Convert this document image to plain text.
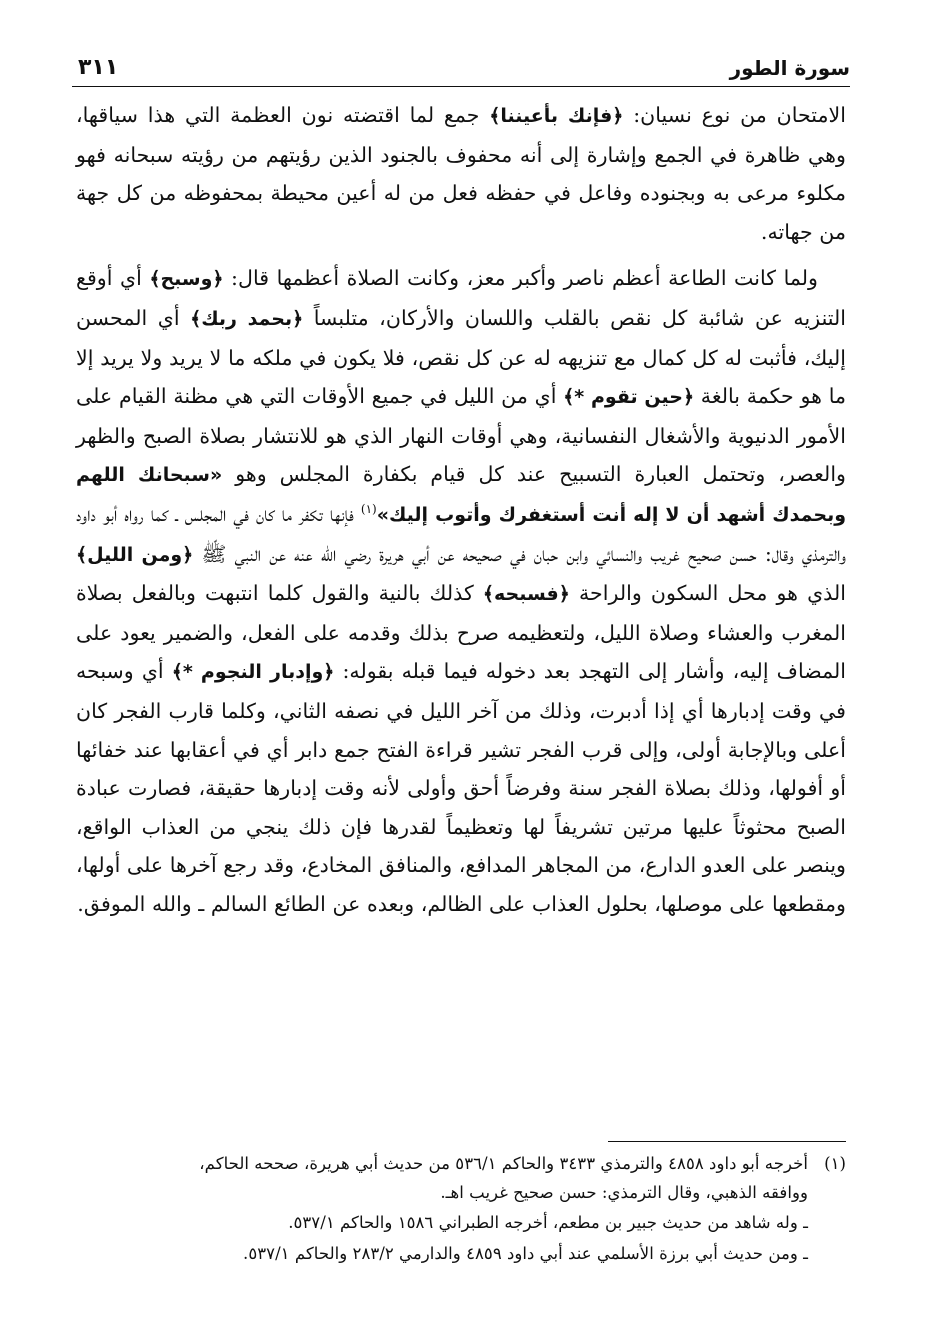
سورة الطور
٣١١

الامتحان من نوع نسيان: ﴿فإنك بأعيننا﴾ جمع لما اقتضته نون العظمة التي هذا سياقها، وهي ظاهرة في الجمع وإشارة إلى أنه محفوف بالجنود الذين رؤيتهم من رؤيته سبحانه فهو مكلوء مرعى به وبجنوده وفاعل في حفظه فعل من له أعين محيطة بمحفوظه من كل جهة من جهاته.

ولما كانت الطاعة أعظم ناصر وأكبر معز، وكانت الصلاة أعظمها قال: ﴿وسبح﴾ أي أوقع التنزيه عن شائبة كل نقص بالقلب واللسان والأركان، متلبساً ﴿بحمد ربك﴾ أي المحسن إليك، فأثبت له كل كمال مع تنزيهه له عن كل نقص، فلا يكون في ملكه ما لا يريد ولا يريد إلا ما هو حكمة بالغة ﴿حين تقوم *﴾ أي من الليل في جميع الأوقات التي هي مظنة القيام على الأمور الدنيوية والأشغال النفسانية، وهي أوقات النهار الذي هو للانتشار بصلاة الصبح والظهر والعصر، وتحتمل العبارة التسبيح عند كل قيام بكفارة المجلس وهو «سبحانك اللهم وبحمدك أشهد أن لا إله أنت أستغفرك وأتوب إليك»$^{(١)}$ فإنها تكفر ما كان في المجلس ـ كما رواه أبو داود والترمذي وقال: حسن صحيح غريب والنسائي وابن حبان في صحيحه عن أبي هريرة رضي الله عنه عن النبي ﷺ ﴿ومن الليل﴾ الذي هو محل السكون والراحة ﴿فسبحه﴾ كذلك بالنية والقول كلما انتبهت وبالفعل بصلاة المغرب والعشاء وصلاة الليل، ولتعظيمه صرح بذلك وقدمه على الفعل، والضمير يعود على المضاف إليه، وأشار إلى التهجد بعد دخوله فيما قبله بقوله: ﴿وإدبار النجوم *﴾ أي وسبحه في وقت إدبارها أي إذا أدبرت، وذلك من آخر الليل في نصفه الثاني، وكلما قارب الفجر كان أعلى وبالإجابة أولى، وإلى قرب الفجر تشير قراءة الفتح جمع دابر أي في أعقابها عند خفائها أو أفولها، وذلك بصلاة الفجر سنة وفرضاً أحق وأولى لأنه وقت إدبارها حقيقة، فصارت عبادة الصبح محثوثاً عليها مرتين تشريفاً لها وتعظيماً لقدرها فإن ذلك ينجي من العذاب الواقع، وينصر على العدو الدارع، من المجاهر المدافع، والمنافق المخادع، وقد رجع آخرها على أولها، ومقطعها على موصلها، بحلول العذاب على الظالم، وبعده عن الطائع السالم ـ والله الموفق.

(١)
أخرجه أبو داود ٤٨٥٨ والترمذي ٣٤٣٣ والحاكم ٥٣٦/١ من حديث أبي هريرة، صححه الحاكم، ووافقه الذهبي، وقال الترمذي: حسن صحيح غريب اهـ.

ـ وله شاهد من حديث جبير بن مطعم، أخرجه الطبراني ١٥٨٦ والحاكم ٥٣٧/١.

ـ ومن حديث أبي برزة الأسلمي عند أبي داود ٤٨٥٩ والدارمي ٢٨٣/٢ والحاكم ٥٣٧/١.
